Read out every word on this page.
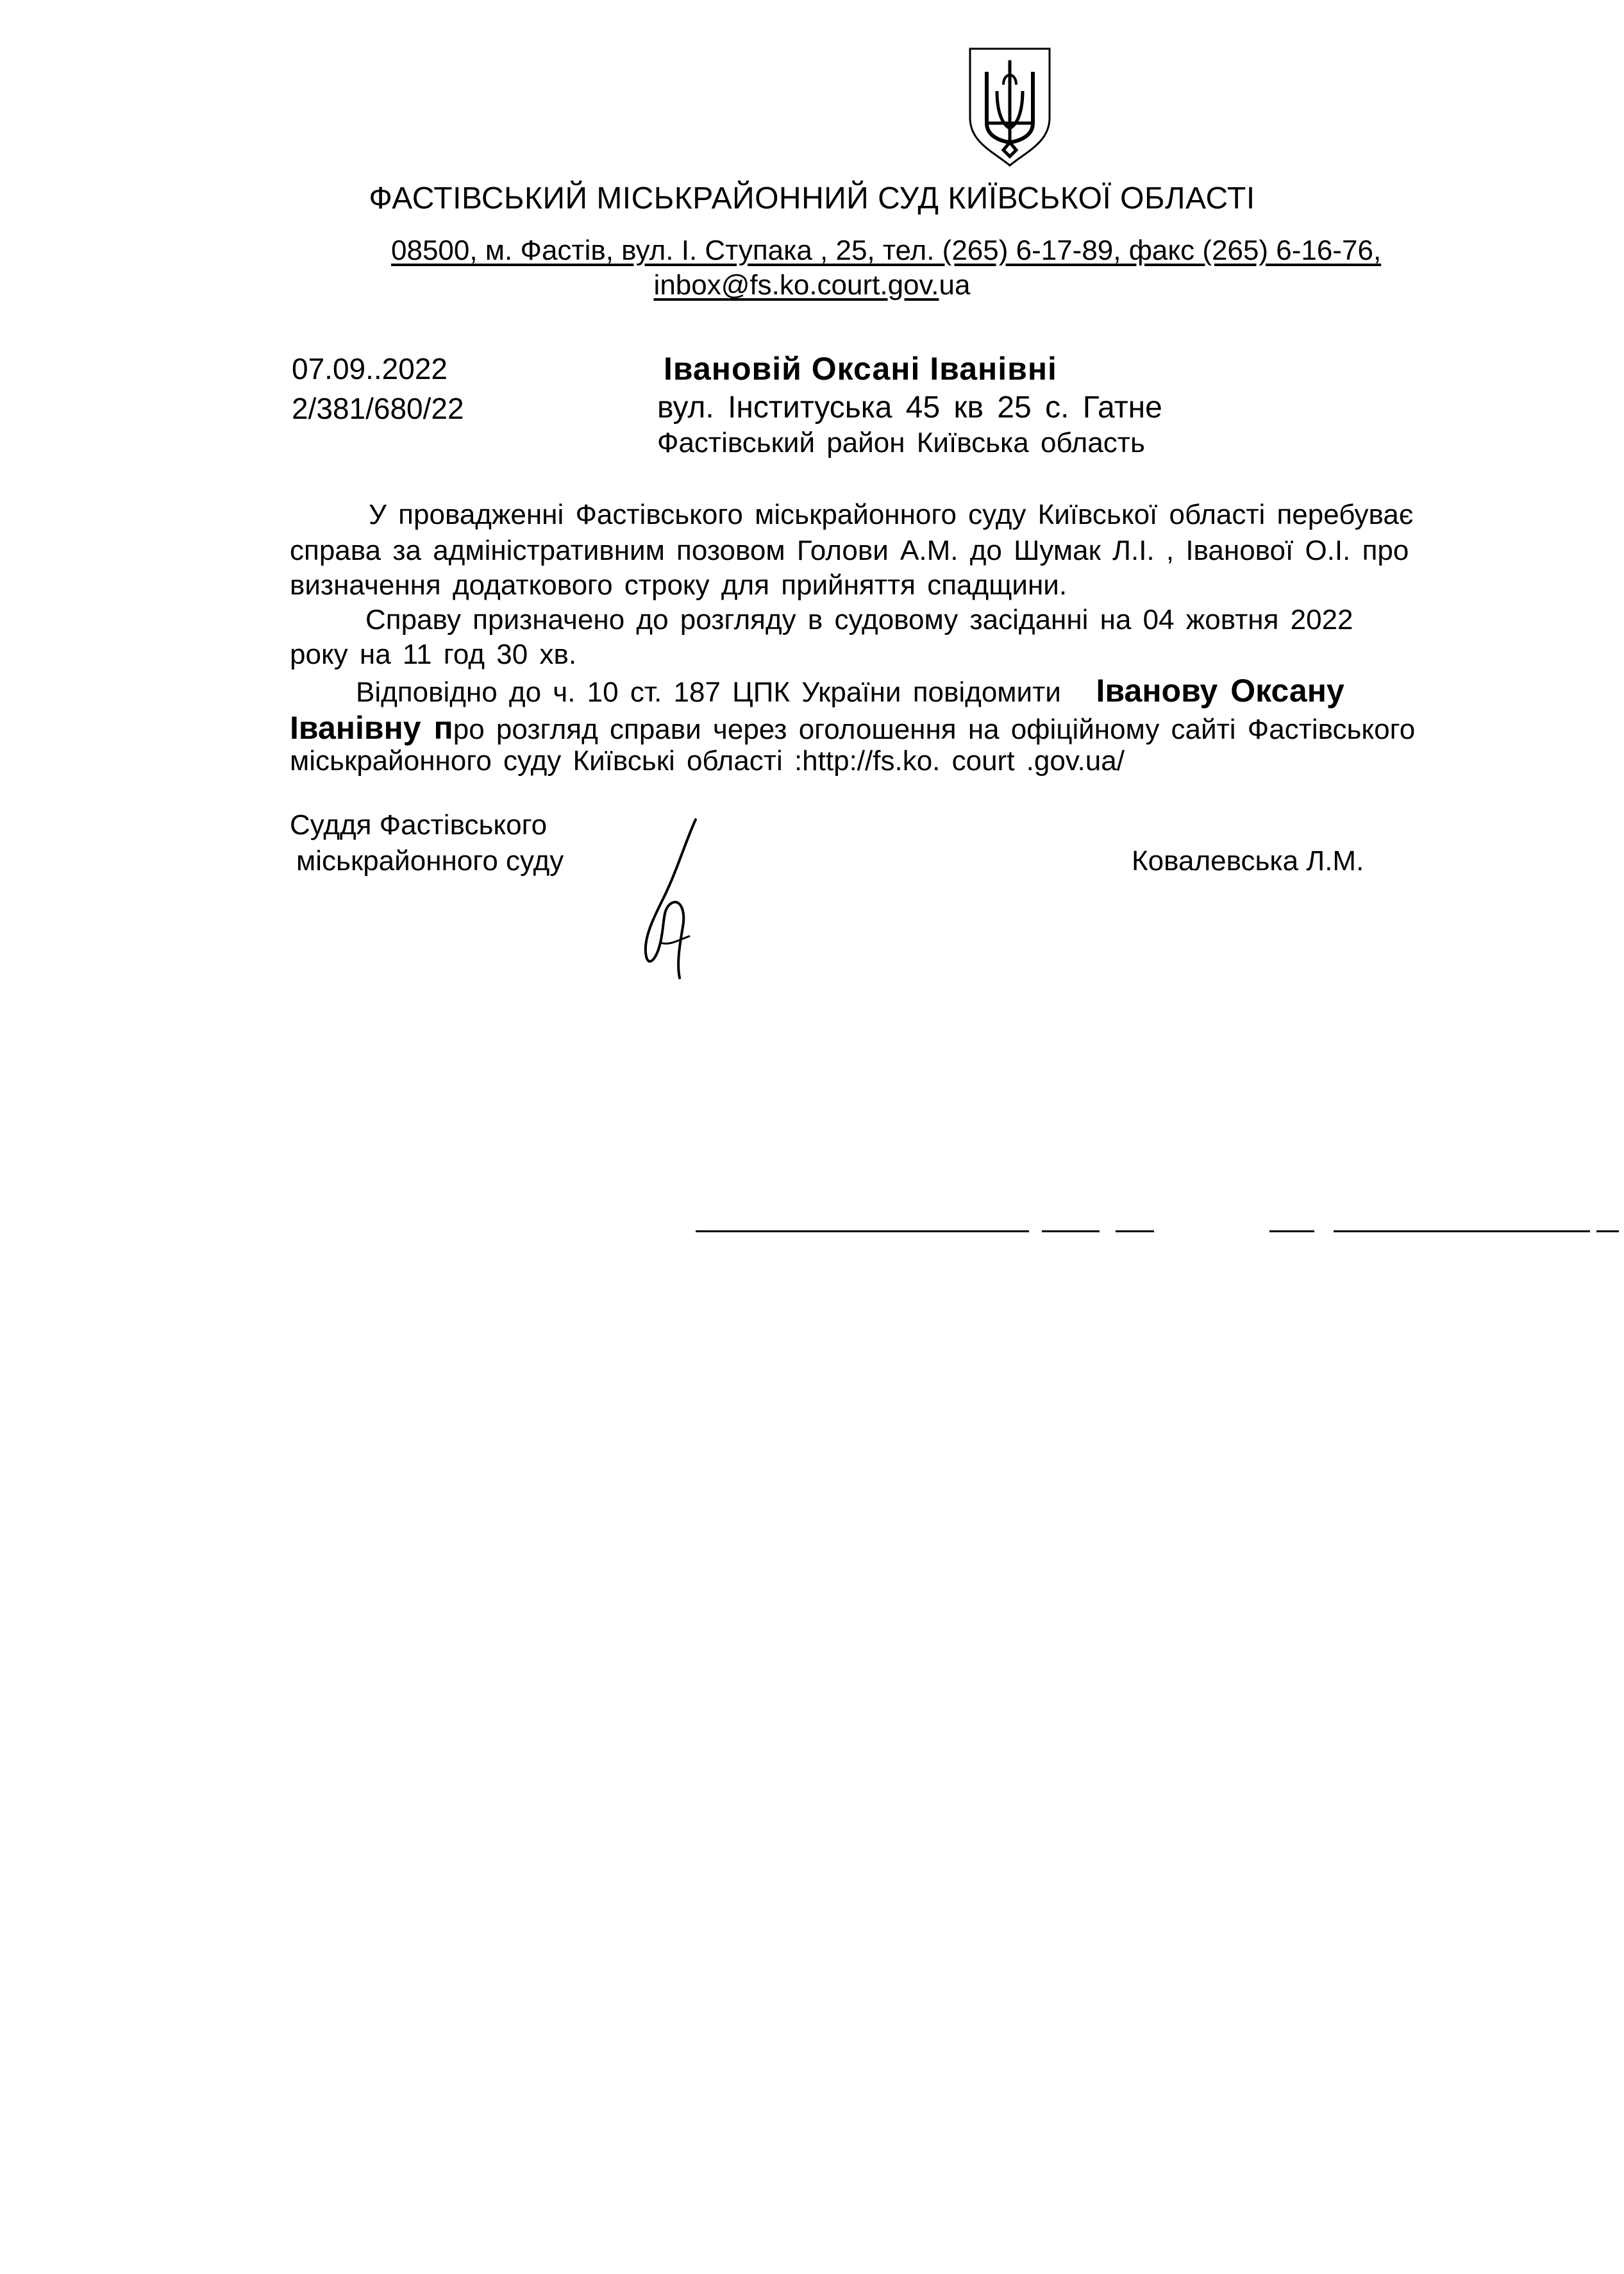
ФАСТІВСЬКИЙ МІСЬКРАЙОННИЙ СУД КИЇВСЬКОЇ ОБЛАСТІ
08500, м. Фастів, вул. І. Ступака , 25, тел. (265) 6-17-89, факс (265) 6-16-76,
inbox@fs.ko.court.gov.ua
07.09..2022
2/381/680/22
Івановій Оксані Іванівні
вул. Інституська 45 кв 25 с. Гатне
Фастівський район Київська область
У провадженні Фастівського міськрайонного суду Київської області перебуває
справа за адміністративним позовом Голови А.М. до Шумак Л.І. , Іванової О.І. про
визначення додаткового строку для прийняття спадщини.
Справу призначено до розгляду в судовому засіданні на 04 жовтня 2022
року на 11 год 30 хв.
Відповідно до ч. 10 ст. 187 ЦПК України повідомити Іванову Оксану
Іванівну про розгляд справи через оголошення на офіційному сайті Фастівського
міськрайонного суду Київські області :http://fs.ko. court .gov.ua/
Суддя Фастівського
міськрайонного суду	Ковалевська Л.М.
